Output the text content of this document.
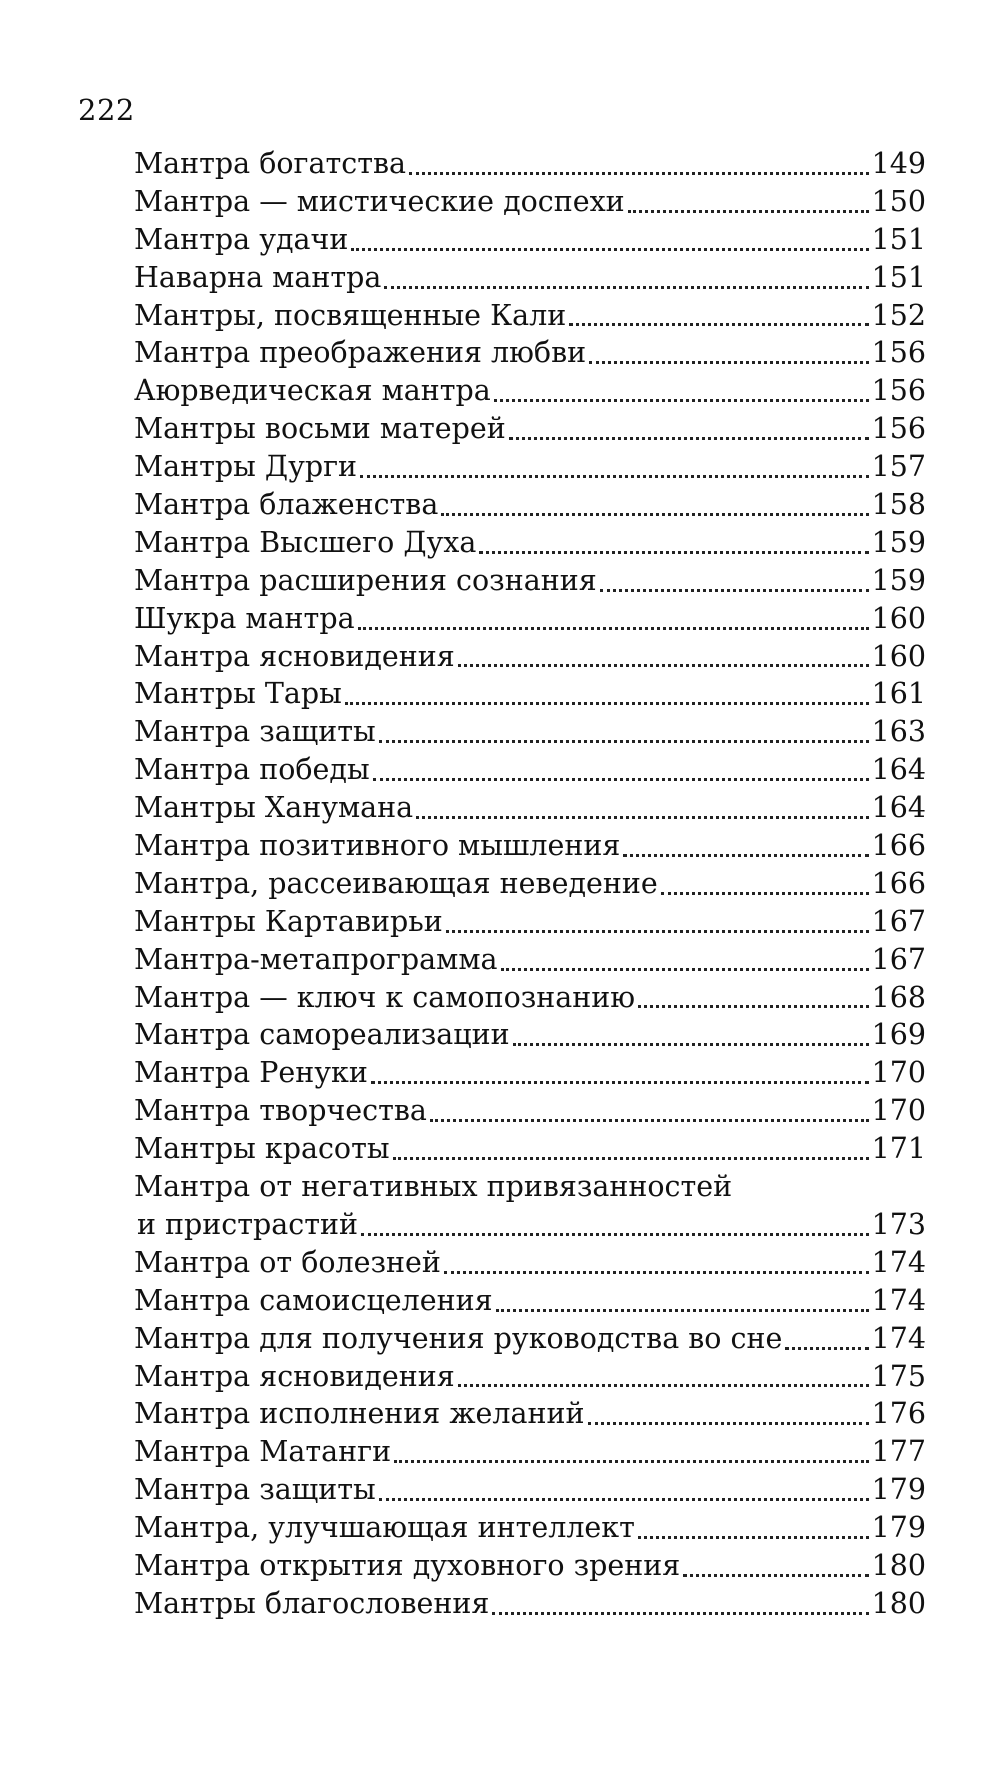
222
Мантра богатства	149
Мантра — мистические доспехи	150
Мантра удачи	151
Наварна мантра	151
Мантры, посвященные Кали	152
Мантра преображения любви	156
Аюрведическая мантра	156
Мантры восьми матерей	156
Мантры Дурги	157
Мантра блаженства	158
Мантра Высшего Духа	159
Мантра расширения сознания	159
Шукра мантра	160
Мантра ясновидения	160
Мантры Тары	161
Мантра защиты	163
Мантра победы	164
Мантры Ханумана	164
Мантра позитивного мышления	166
Мантра, рассеивающая неведение	166
Мантры Картавирьи	167
Мантра-метапрограмма	167
Мантра — ключ к самопознанию	168
Мантра самореализации	169
Мантра Ренуки	170
Мантра творчества	170
Мантры красоты	171
Мантра от негативных привязанностей
и пристрастий	173
Мантра от болезней	174
Мантра самоисцеления	174
Мантра для получения руководства во сне	174
Мантра ясновидения	175
Мантра исполнения желаний	176
Мантра Матанги	177
Мантра защиты	179
Мантра, улучшающая интеллект	179
Мантра открытия духовного зрения	180
Мантры благословения	180
